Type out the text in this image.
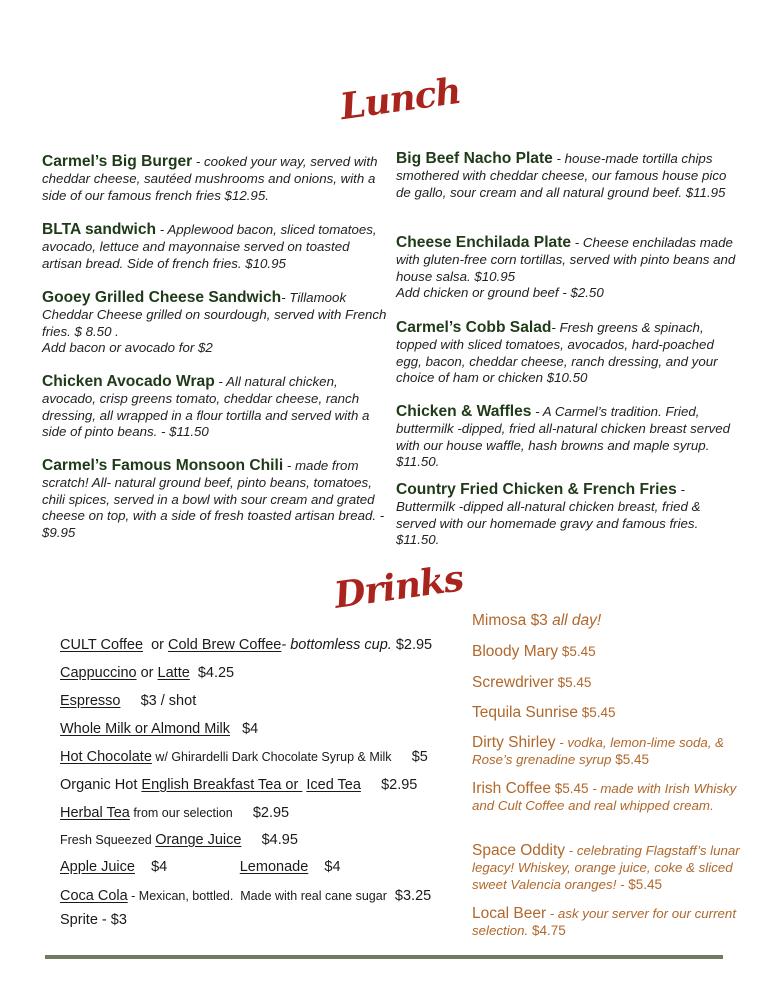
Lunch
Carmel’s Big Burger - cooked your way, served with cheddar cheese, sautéed mushrooms and onions, with a side of our famous french fries $12.95.
BLTA sandwich - Applewood bacon, sliced tomatoes, avocado, lettuce and mayonnaise served on toasted artisan bread. Side of french fries. $10.95
Gooey Grilled Cheese Sandwich- Tillamook Cheddar Cheese grilled on sourdough, served with French fries. $ 8.50 .
Add bacon or avocado for $2
Chicken Avocado Wrap - All natural chicken, avocado, crisp greens tomato, cheddar cheese, ranch dressing, all wrapped in a flour tortilla and served with a side of pinto beans. - $11.50
Carmel’s Famous Monsoon Chili - made from scratch! All- natural ground beef, pinto beans, tomatoes, chili spices, served in a bowl with sour cream and grated cheese on top, with a side of fresh toasted artisan bread. - $9.95
Big Beef Nacho Plate - house-made tortilla chips smothered with cheddar cheese, our famous house pico de gallo, sour cream and all natural ground beef. $11.95
Cheese Enchilada Plate - Cheese enchiladas made with gluten-free corn tortillas, served with pinto beans and house salsa. $10.95
Add chicken or ground beef - $2.50
Carmel’s Cobb Salad- Fresh greens & spinach, topped with sliced tomatoes, avocados, hard-poached egg, bacon, cheddar cheese, ranch dressing, and your choice of ham or chicken $10.50
Chicken & Waffles - A Carmel’s tradition. Fried, buttermilk -dipped, fried all-natural chicken breast served with our house waffle, hash browns and maple syrup. $11.50.
Country Fried Chicken & French Fries - Buttermilk -dipped all-natural chicken breast, fried & served with our homemade gravy and famous fries. $11.50.
Drinks
CULT Coffee  or Cold Brew Coffee- bottomless cup. $2.95
Cappuccino or Latte  $4.25
Espresso     $3 / shot
Whole Milk or Almond Milk   $4
Hot Chocolate w/ Ghirardelli Dark Chocolate Syrup & Milk     $5
Organic Hot English Breakfast Tea or  Iced Tea     $2.95
Herbal Tea from our selection     $2.95
Fresh Squeezed Orange Juice     $4.95
Apple Juice    $4                  Lemonade    $4
Coca Cola - Mexican, bottled.  Made with real cane sugar  $3.25
Sprite - $3
Mimosa $3 all day!
Bloody Mary $5.45
Screwdriver $5.45
Tequila Sunrise $5.45
Dirty Shirley - vodka, lemon-lime soda, & Rose’s grenadine syrup $5.45
Irish Coffee $5.45 - made with Irish Whisky and Cult Coffee and real whipped cream.
Space Oddity - celebrating Flagstaff’s lunar legacy! Whiskey, orange juice, coke & sliced sweet Valencia oranges! - $5.45
Local Beer - ask your server for our current selection. $4.75
